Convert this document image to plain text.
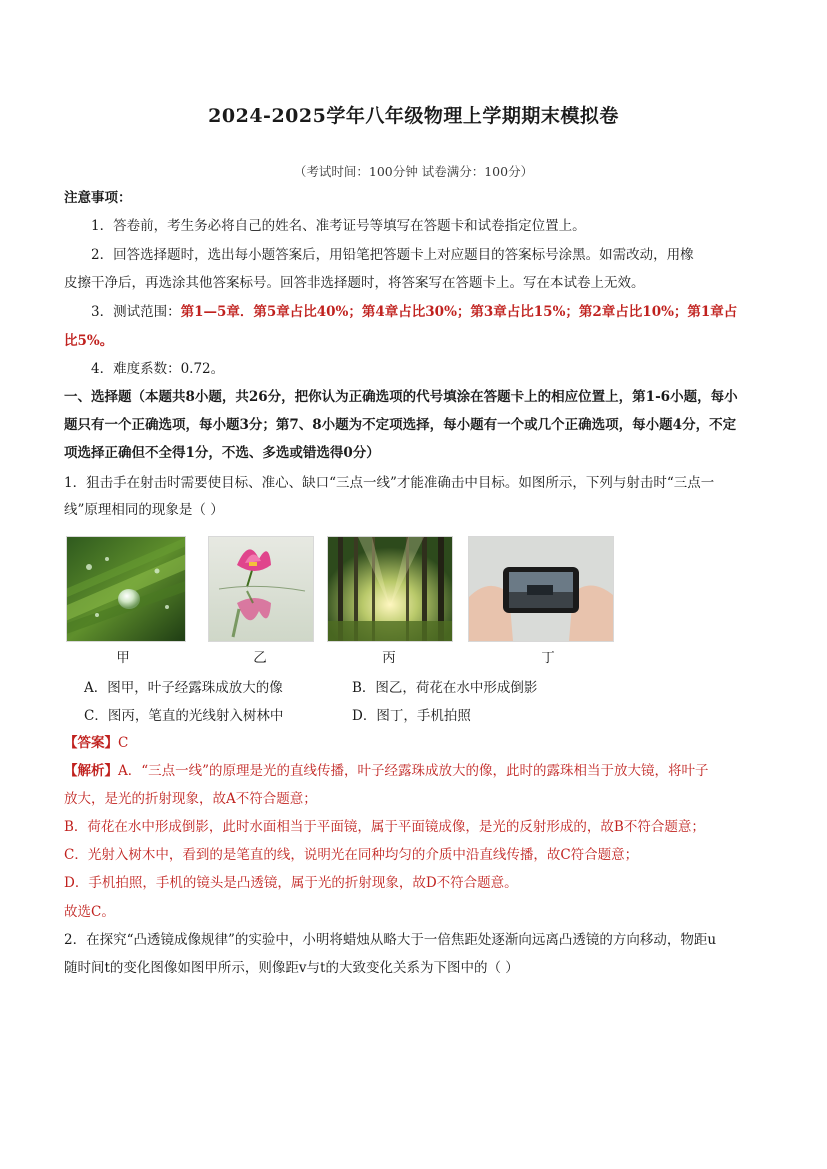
2024-2025学年八年级物理上学期期末模拟卷
（考试时间：100分钟 试卷满分：100分）
注意事项：
1．答卷前，考生务必将自己的姓名、准考证号等填写在答题卡和试卷指定位置上。
2．回答选择题时，选出每小题答案后，用铅笔把答题卡上对应题目的答案标号涂黑。如需改动，用橡
皮擦干净后，再选涂其他答案标号。回答非选择题时，将答案写在答题卡上。写在本试卷上无效。
3．测试范围：第1—5章．第5章占比40%；第4章占比30%；第3章占比15%；第2章占比10%；第1章占
比5%。
4．难度系数：0.72。
一、选择题（本题共8小题，共26分，把你认为正确选项的代号填涂在答题卡上的相应位置上，第1-6小题，每小
题只有一个正确选项，每小题3分；第7、8小题为不定项选择，每小题有一个或几个正确选项，每小题4分，不定
项选择正确但不全得1分，不选、多选或错选得0分）
1．狙击手在射击时需要使目标、准心、缺口“三点一线”才能准确击中目标。如图所示，下列与射击时“三点一
线”原理相同的现象是（ ）
甲	乙	丙	丁
A．图甲，叶子经露珠成放大的像	B．图乙，荷花在水中形成倒影
C．图丙，笔直的光线射入树林中	D．图丁，手机拍照
【答案】C
【解析】A．“三点一线”的原理是光的直线传播，叶子经露珠成放大的像，此时的露珠相当于放大镜，将叶子
放大，是光的折射现象，故A不符合题意；
B．荷花在水中形成倒影，此时水面相当于平面镜，属于平面镜成像，是光的反射形成的，故B不符合题意；
C．光射入树木中，看到的是笔直的线，说明光在同种均匀的介质中沿直线传播，故C符合题意；
D．手机拍照，手机的镜头是凸透镜，属于光的折射现象，故D不符合题意。
故选C。
2．在探究“凸透镜成像规律”的实验中，小明将蜡烛从略大于一倍焦距处逐渐向远离凸透镜的方向移动，物距u
随时间t的变化图像如图甲所示，则像距v与t的大致变化关系为下图中的（ ）
